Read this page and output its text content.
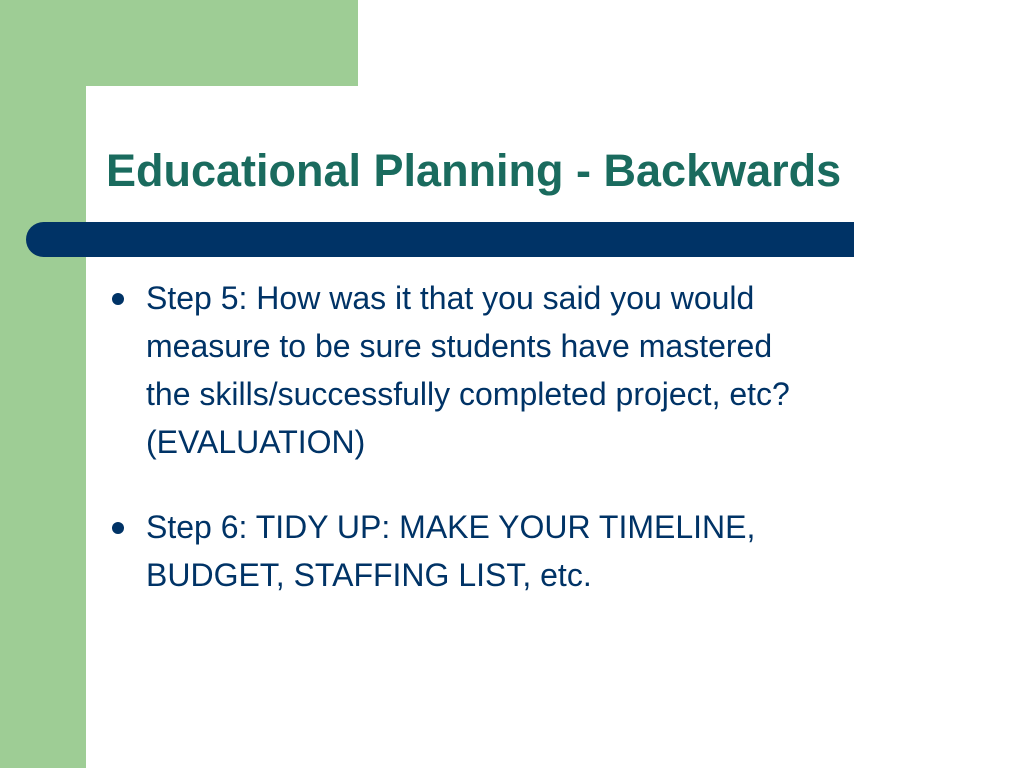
Educational Planning - Backwards
Step 5: How was it that you said you would
measure to be sure students have mastered
the skills/successfully completed project, etc?
(EVALUATION)
Step 6: TIDY UP: MAKE YOUR TIMELINE,
BUDGET, STAFFING LIST, etc.
